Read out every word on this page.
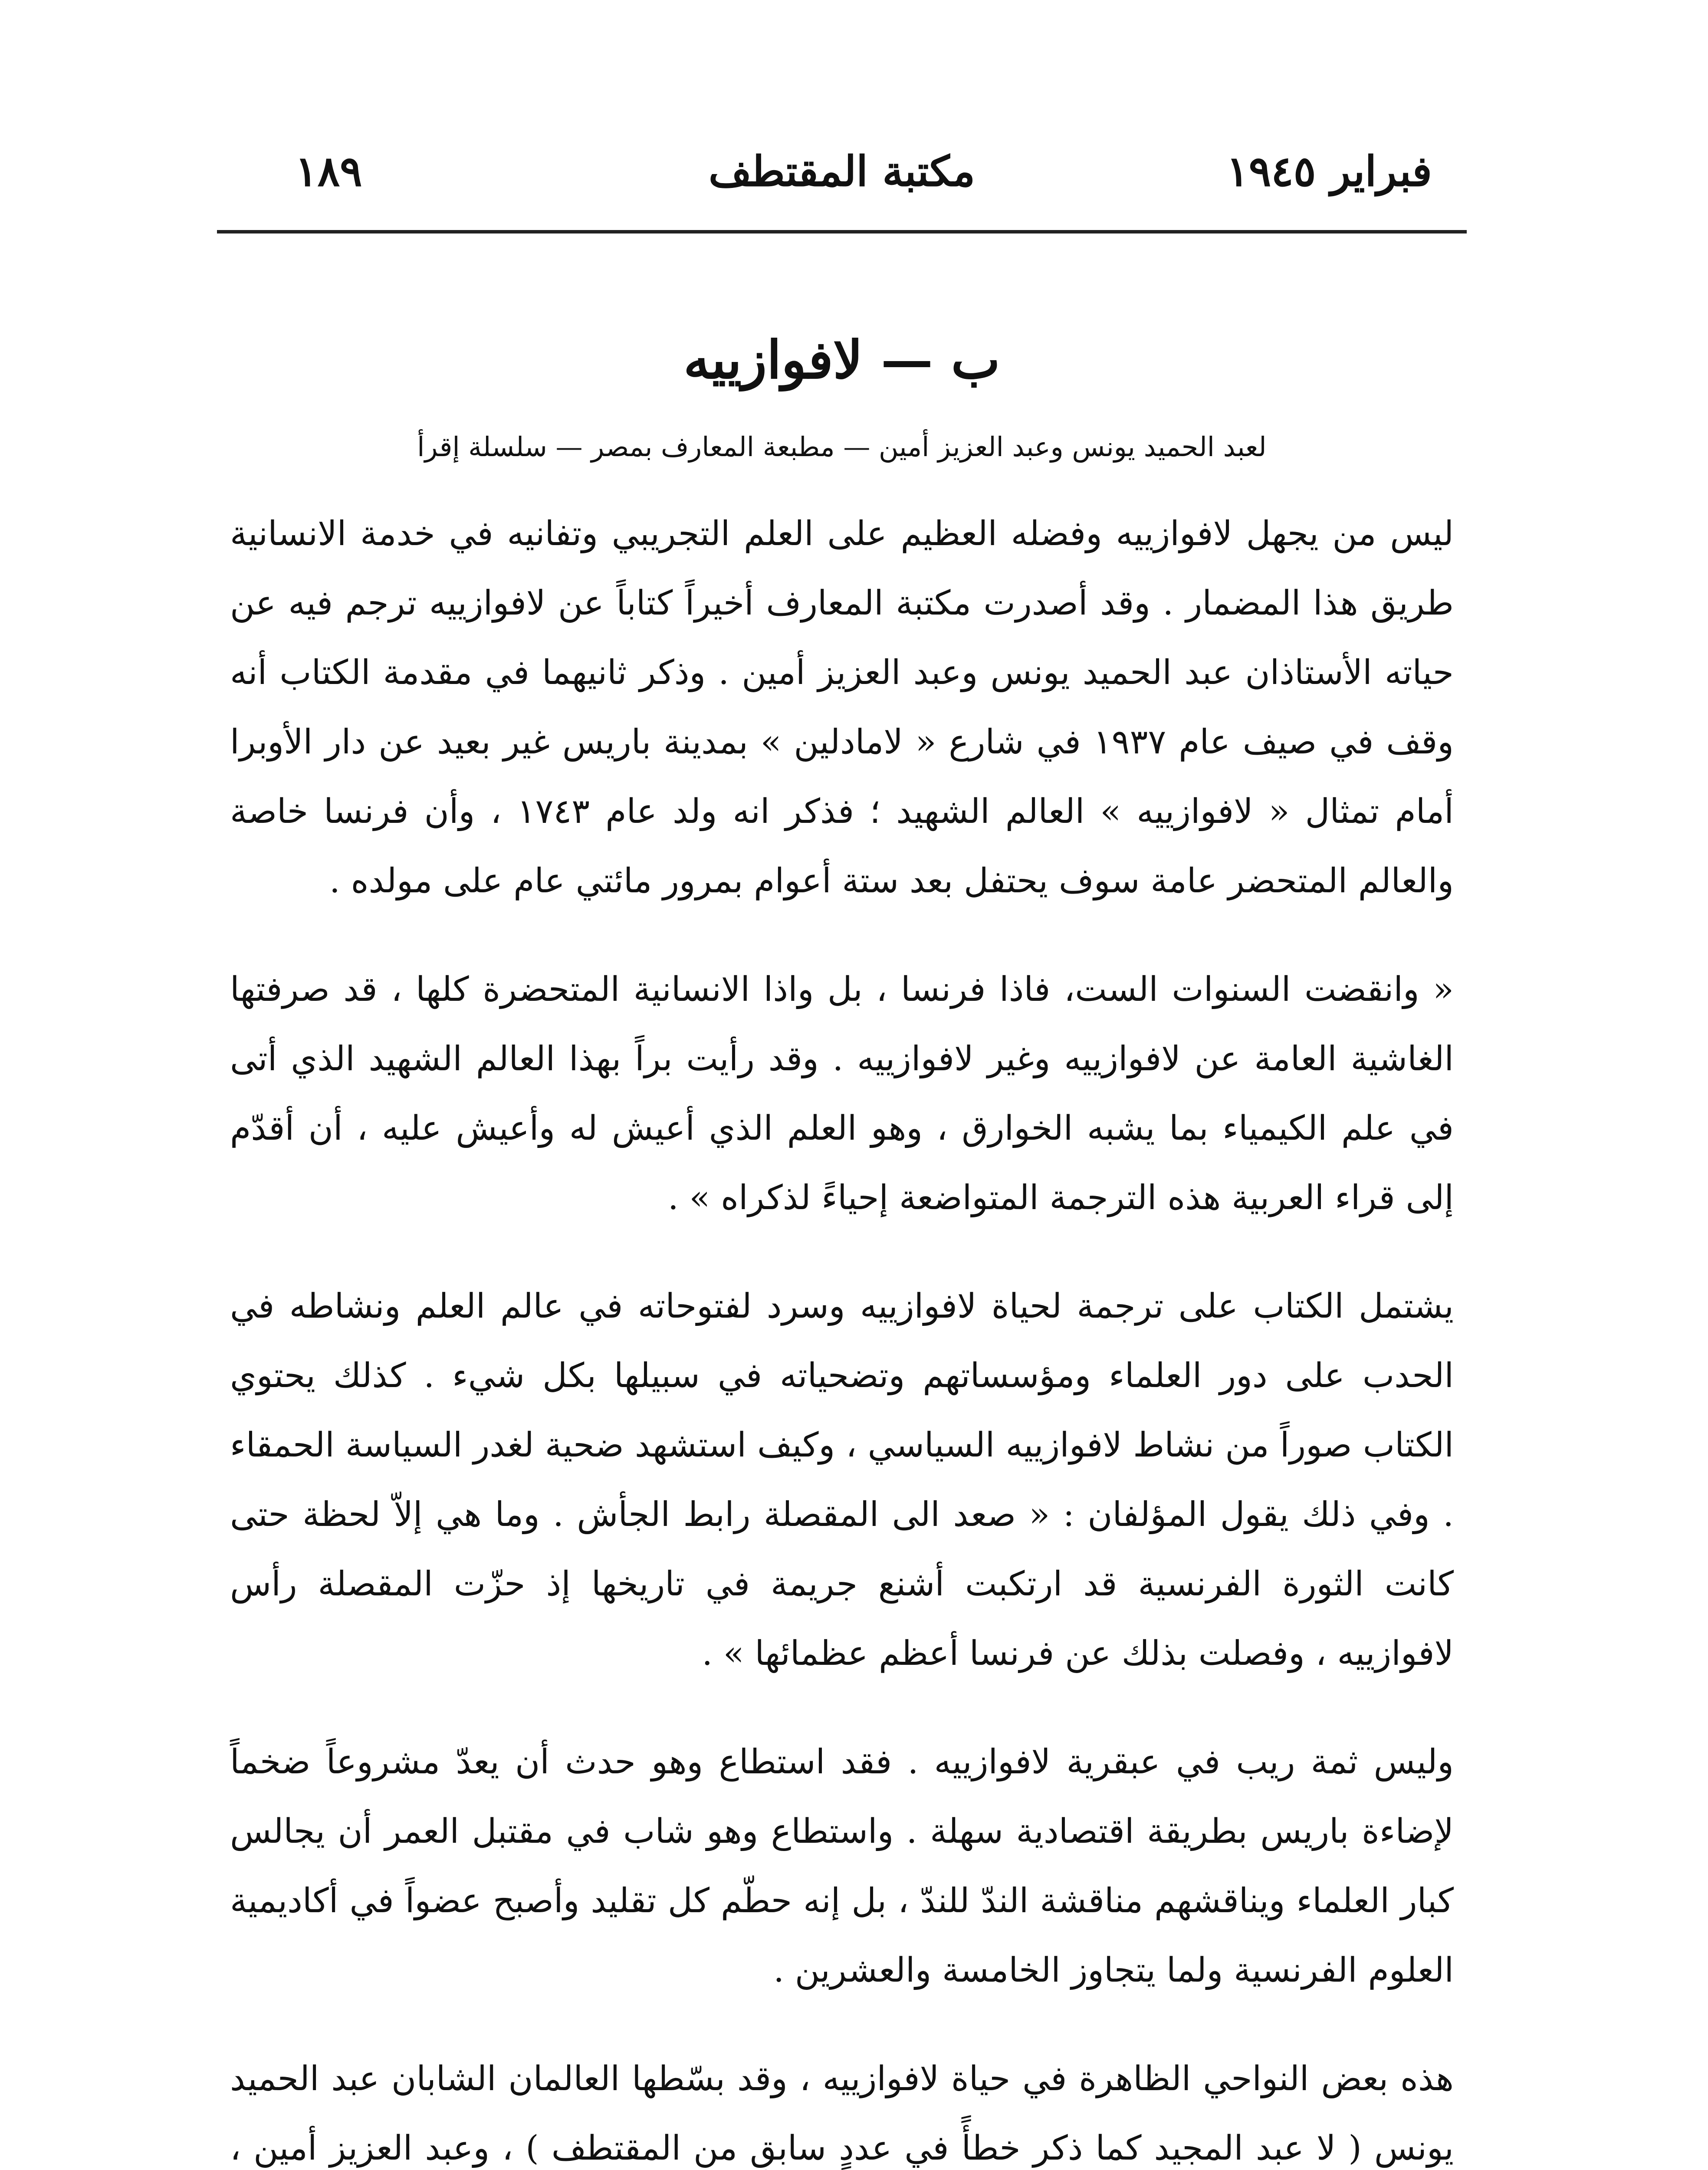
١٨٩	مكتبة المقتطف	فبراير ١٩٤٥
ب — لافوازييه
لعبد الحميد يونس وعبد العزيز أمين — مطبعة المعارف بمصر — سلسلة إقرأ

ليس من يجهل لافوازييه وفضله العظيم على العلم التجريبي وتفانيه في خدمة الانسانية طريق هذا المضمار . وقد أصدرت مكتبة المعارف أخيراً كتاباً عن لافوازييه ترجم فيه عن حياته الأستاذان عبد الحميد يونس وعبد العزيز أمين . وذكر ثانيهما في مقدمة الكتاب أنه وقف في صيف عام ١٩٣٧ في شارع « لامادلين » بمدينة باريس غير بعيد عن دار الأوبرا أمام تمثال « لافوازييه » العالم الشهيد ؛ فذكر انه ولد عام ١٧٤٣ ، وأن فرنسا خاصة والعالم المتحضر عامة سوف يحتفل بعد ستة أعوام بمرور مائتي عام على مولده .

« وانقضت السنوات الست، فاذا فرنسا ، بل واذا الانسانية المتحضرة كلها ، قد صرفتها الغاشية العامة عن لافوازييه وغير لافوازييه . وقد رأيت براً بهذا العالم الشهيد الذي أتى في علم الكيمياء بما يشبه الخوارق ، وهو العلم الذي أعيش له وأعيش عليه ، أن أقدّم إلى قراء العربية هذه الترجمة المتواضعة إحياءً لذكراه » .

يشتمل الكتاب على ترجمة لحياة لافوازييه وسرد لفتوحاته في عالم العلم ونشاطه في الحدب على دور العلماء ومؤسساتهم وتضحياته في سبيلها بكل شيء . كذلك يحتوي الكتاب صوراً من نشاط لافوازييه السياسي ، وكيف استشهد ضحية لغدر السياسة الحمقاء . وفي ذلك يقول المؤلفان : « صعد الى المقصلة رابط الجأش . وما هي إلاّ لحظة حتى كانت الثورة الفرنسية قد ارتكبت أشنع جريمة في تاريخها إذ حزّت المقصلة رأس لافوازييه ، وفصلت بذلك عن فرنسا أعظم عظمائها » .

وليس ثمة ريب في عبقرية لافوازييه . فقد استطاع وهو حدث أن يعدّ مشروعاً ضخماً لإضاءة باريس بطريقة اقتصادية سهلة . واستطاع وهو شاب في مقتبل العمر أن يجالس كبار العلماء ويناقشهم مناقشة الندّ للندّ ، بل إنه حطّم كل تقليد وأصبح عضواً في أكاديمية العلوم الفرنسية ولما يتجاوز الخامسة والعشرين .

هذه بعض النواحي الظاهرة في حياة لافوازييه ، وقد بسّطها العالمان الشابان عبد الحميد يونس ( لا عبد المجيد كما ذكر خطأً في عددٍ سابقٍ من المقتطف ) ، وعبد العزيز أمين ،
